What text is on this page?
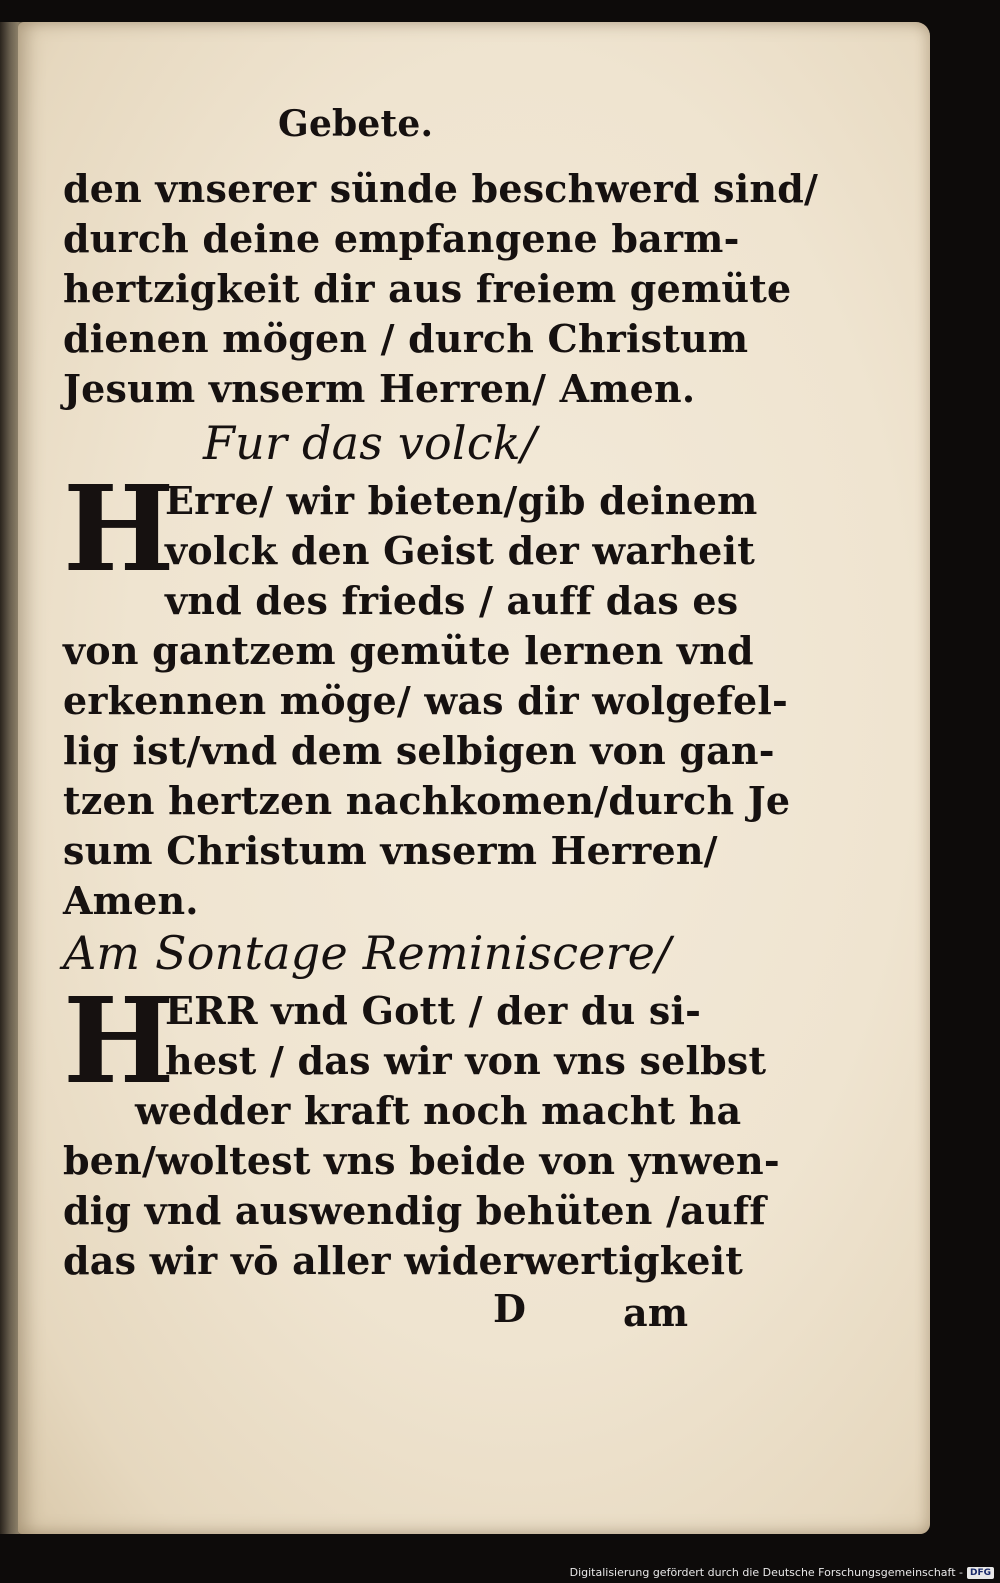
Gebete.
den vnserer sünde beschwerd sind/
durch deine empfangene barm-
hertzigkeit dir aus freiem gemüte
dienen mögen / durch Christum
Jesum vnserm Herren/ Amen.
Fur das volck/
H
Erre/ wir bieten/gib deinem
volck den Geist der warheit
vnd des frieds / auff das es
von gantzem gemüte lernen vnd
erkennen möge/ was dir wolgefel-
lig ist/vnd dem selbigen von gan-
tzen hertzen nachkomen/durch Je
sum Christum vnserm Herren/
Amen.
Am Sontage Reminiscere/
H
ERR vnd Gott / der du si-
hest / das wir von vns selbst
wedder kraft noch macht ha
ben/woltest vns beide von ynwen-
dig vnd auswendig behüten /auff
das wir vō aller widerwertigkeit
D	am
Digitalisierung gefördert durch die Deutsche Forschungsgemeinschaft - DFG
